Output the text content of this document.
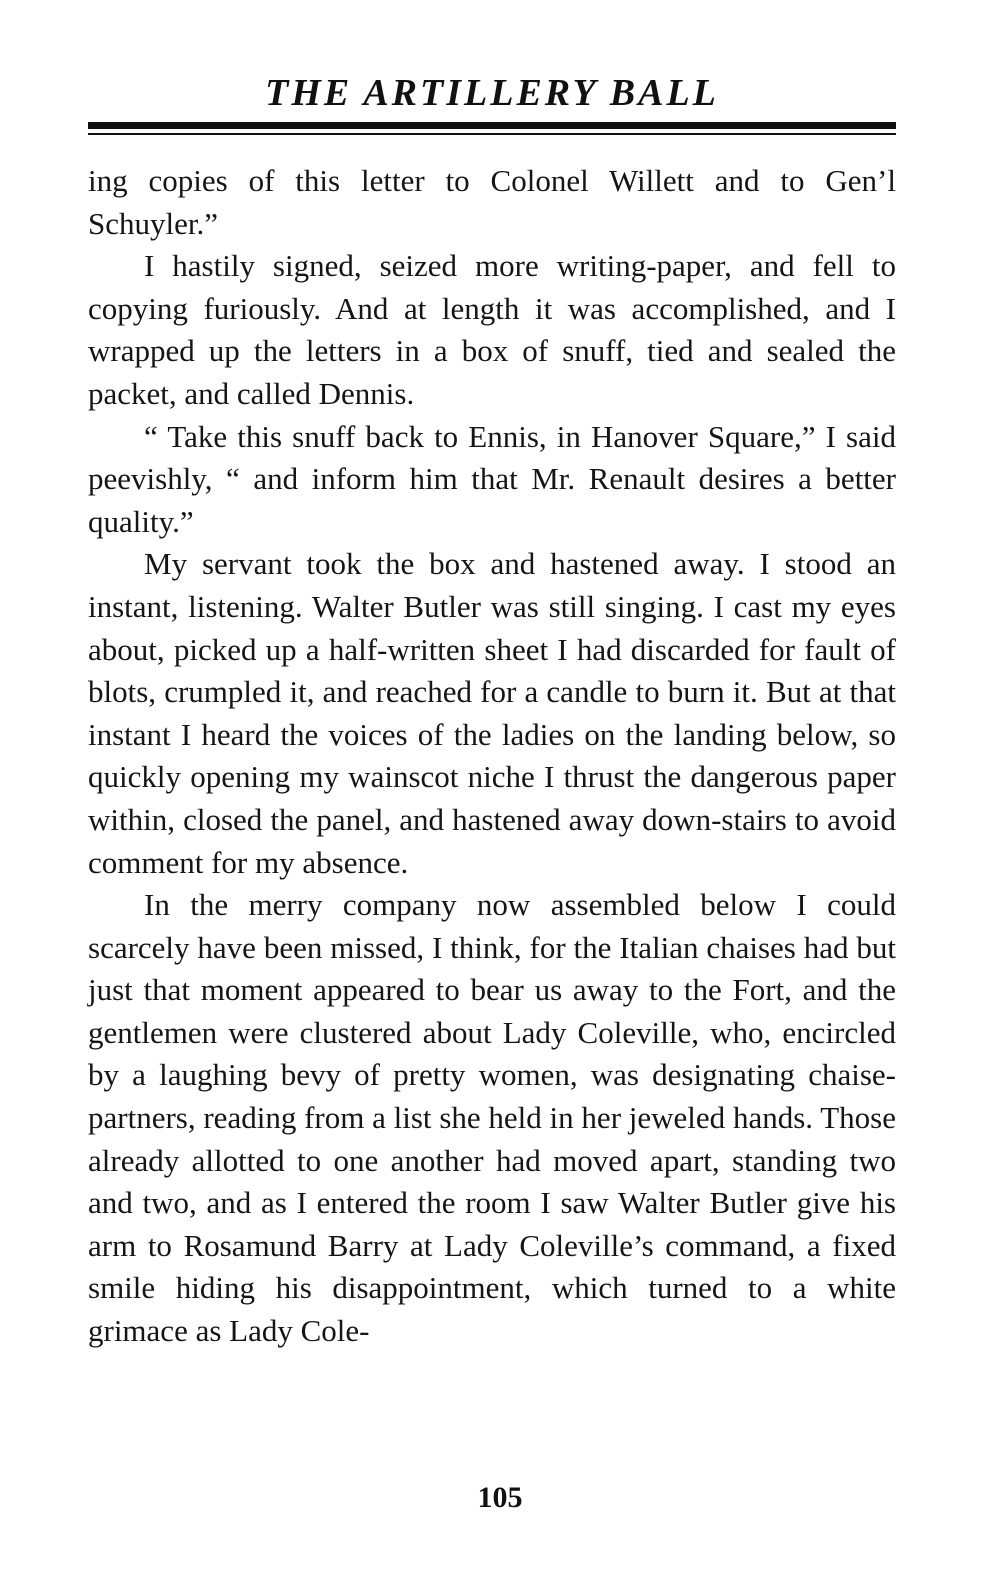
THE ARTILLERY BALL

ing copies of this letter to Colonel Willett and to Gen’l Schuyler.”

I hastily signed, seized more writing-paper, and fell to copying furiously. And at length it was accomplished, and I wrapped up the letters in a box of snuff, tied and sealed the packet, and called Dennis.

“ Take this snuff back to Ennis, in Hanover Square,” I said peevishly, “ and inform him that Mr. Renault desires a better quality.”

My servant took the box and hastened away. I stood an instant, listening. Walter Butler was still singing. I cast my eyes about, picked up a half-written sheet I had discarded for fault of blots, crumpled it, and reached for a candle to burn it. But at that instant I heard the voices of the ladies on the landing below, so quickly opening my wainscot niche I thrust the dangerous paper within, closed the panel, and hastened away down-stairs to avoid comment for my absence.

In the merry company now assembled below I could scarcely have been missed, I think, for the Italian chaises had but just that moment appeared to bear us away to the Fort, and the gentlemen were clustered about Lady Coleville, who, encircled by a laughing bevy of pretty women, was designating chaise-partners, reading from a list she held in her jeweled hands. Those already allotted to one another had moved apart, standing two and two, and as I entered the room I saw Walter Butler give his arm to Rosamund Barry at Lady Coleville’s command, a fixed smile hiding his disappointment, which turned to a white grimace as Lady Cole-

105
